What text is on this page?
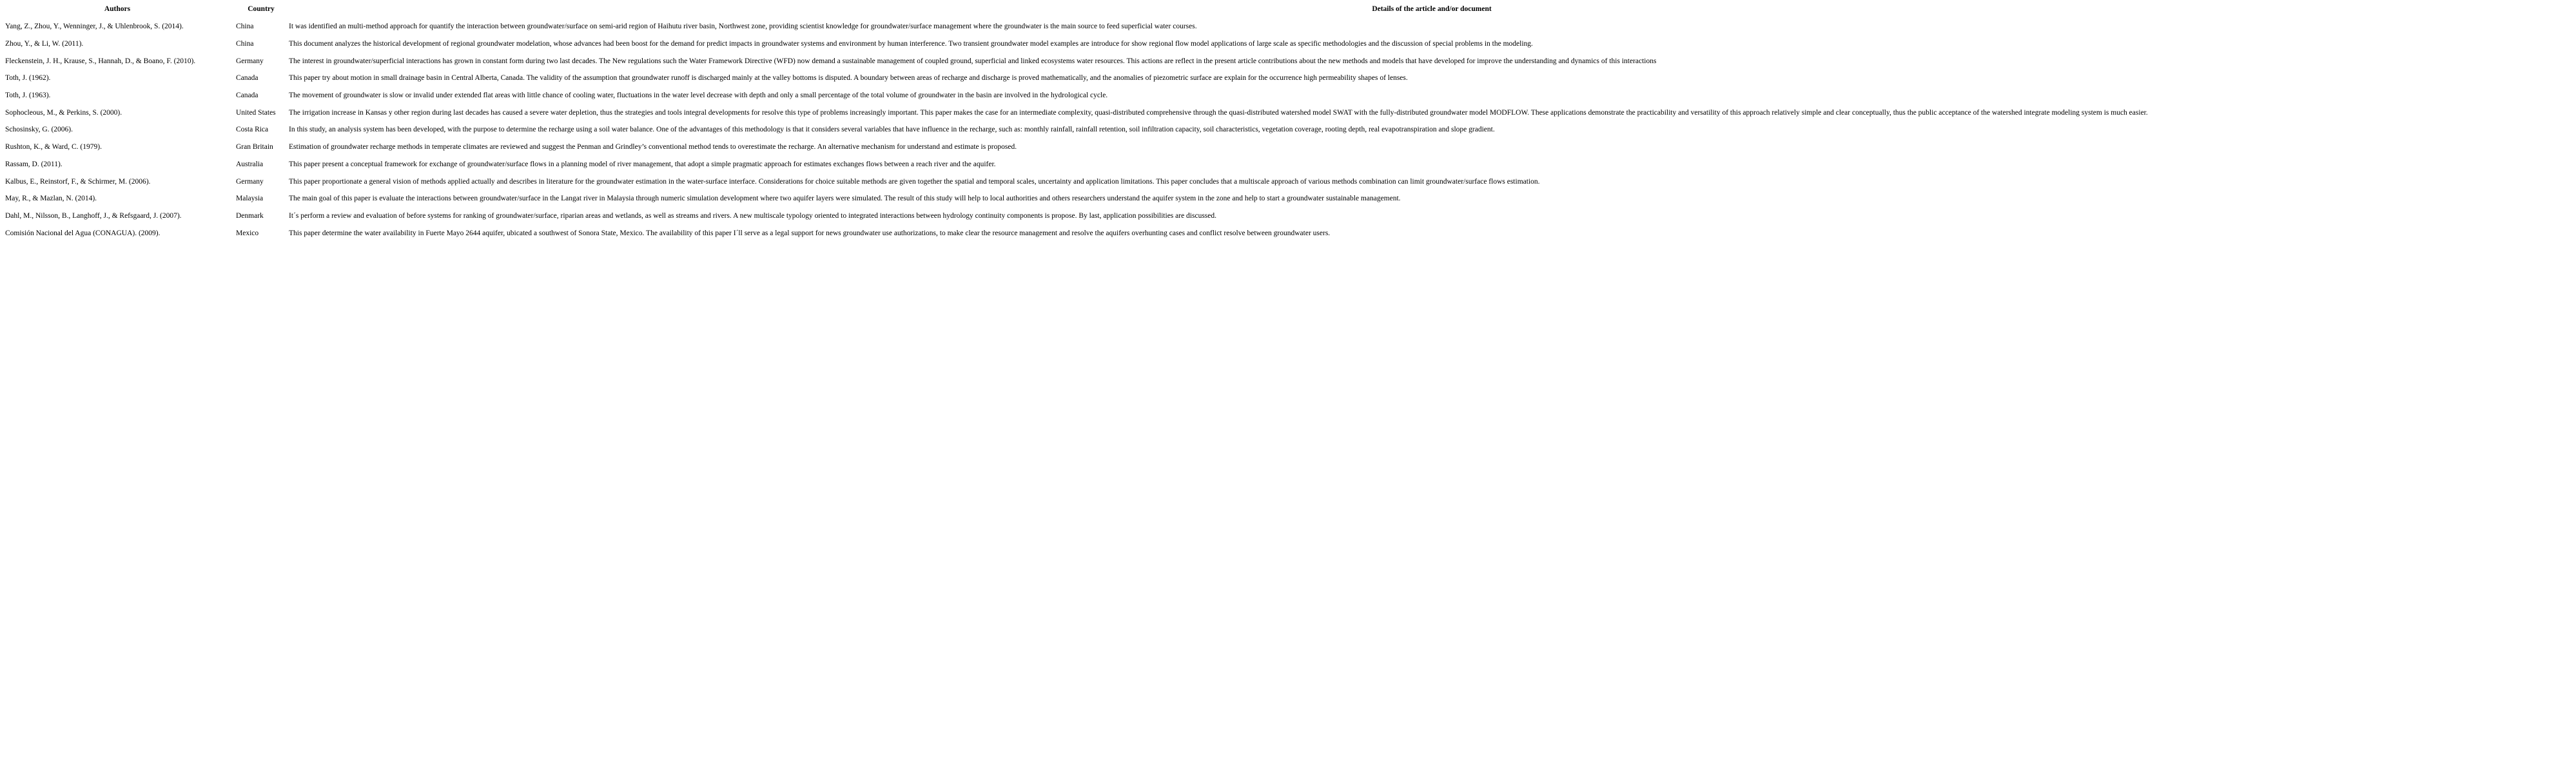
Authors	Country	Details of the article and/or document
Yang, Z., Zhou, Y., Wenninger, J., & Uhlenbrook, S. (2014).	China	It was identified an multi-method approach for quantify the interaction between groundwater/surface on semi-arid region of Haihutu river basin, Northwest zone, providing scientist knowledge for groundwater/surface management where the groundwater is the main source to feed superficial water courses.
Zhou, Y., & Li, W. (2011).	China	This document analyzes the historical development of regional groundwater modelation, whose advances had been boost for the demand for predict impacts in groundwater systems and environment by human interference. Two transient groundwater model examples are introduce for show regional flow model applications of large scale as specific methodologies and the discussion of special problems in the modeling.
Fleckenstein, J. H., Krause, S., Hannah, D., & Boano, F. (2010).	Germany	The interest in groundwater/superficial interactions has grown in constant form during two last decades. The New regulations such the Water Framework Directive (WFD) now demand a sustainable management of coupled ground, superficial and linked ecosystems water resources. This actions are reflect in the present article contributions about the new methods and models that have developed for improve the understanding and dynamics of this interactions
Toth, J. (1962).	Canada	This paper try about motion in small drainage basin in Central Alberta, Canada. The validity of the assumption that groundwater runoff is discharged mainly at the valley bottoms is disputed. A boundary between areas of recharge and discharge is proved mathematically, and the anomalies of piezometric surface are explain for the occurrence high permeability shapes of lenses.
Toth, J. (1963).	Canada	The movement of groundwater is slow or invalid under extended flat areas with little chance of cooling water, fluctuations in the water level decrease with depth and only a small percentage of the total volume of groundwater in the basin are involved in the hydrological cycle.
Sophocleous, M., & Perkins, S. (2000).	United States	The irrigation increase in Kansas y other region during last decades has caused a severe water depletion, thus the strategies and tools integral developments for resolve this type of problems increasingly important. This paper makes the case for an intermediate complexity, quasi-distributed comprehensive through the quasi-distributed watershed model SWAT with the fully-distributed groundwater model MODFLOW. These applications demonstrate the practicability and versatility of this approach relatively simple and clear conceptually, thus the public acceptance of the watershed integrate modeling system is much easier.
Schosinsky, G. (2006).	Costa Rica	In this study, an analysis system has been developed, with the purpose to determine the recharge using a soil water balance. One of the advantages of this methodology is that it considers several variables that have influence in the recharge, such as: monthly rainfall, rainfall retention, soil infiltration capacity, soil characteristics, vegetation coverage, rooting depth, real evapotranspiration and slope gradient.
Rushton, K., & Ward, C. (1979).	Gran Britain	Estimation of groundwater recharge methods in temperate climates are reviewed and suggest the Penman and Grindley’s conventional method tends to overestimate the recharge. An alternative mechanism for understand and estimate is proposed.
Rassam, D. (2011).	Australia	This paper present a conceptual framework for exchange of groundwater/surface flows in a planning model of river management, that adopt a simple pragmatic approach for estimates exchanges flows between a reach river and the aquifer.
Kalbus, E., Reinstorf, F., & Schirmer, M. (2006).	Germany	This paper proportionate a general vision of methods applied actually and describes in literature for the groundwater estimation in the water-surface interface. Considerations for choice suitable methods are given together the spatial and temporal scales, uncertainty and application limitations. This paper concludes that a multiscale approach of various methods combination can limit groundwater/surface flows estimation.
May, R., & Mazlan, N. (2014).	Malaysia	The main goal of this paper is evaluate the interactions between groundwater/surface in the Langat river in Malaysia through numeric simulation development where two aquifer layers were simulated. The result of this study will help to local authorities and others researchers understand the aquifer system in the zone and help to start a groundwater sustainable management.
Dahl, M., Nilsson, B., Langhoff, J., & Refsgaard, J. (2007).	Denmark	It´s perform a review and evaluation of before systems for ranking of groundwater/surface, riparian areas and wetlands, as well as streams and rivers. A new multiscale typology oriented to integrated interactions between hydrology continuity components is propose. By last, application possibilities are discussed.
Comisión Nacional del Agua (CONAGUA). (2009).	Mexico	This paper determine the water availability in Fuerte Mayo 2644 aquifer, ubicated a southwest of Sonora State, Mexico. The availability of this paper I´ll serve as a legal support for news groundwater use authorizations, to make clear the resource management and resolve the aquifers overhunting cases and conflict resolve between groundwater users.
